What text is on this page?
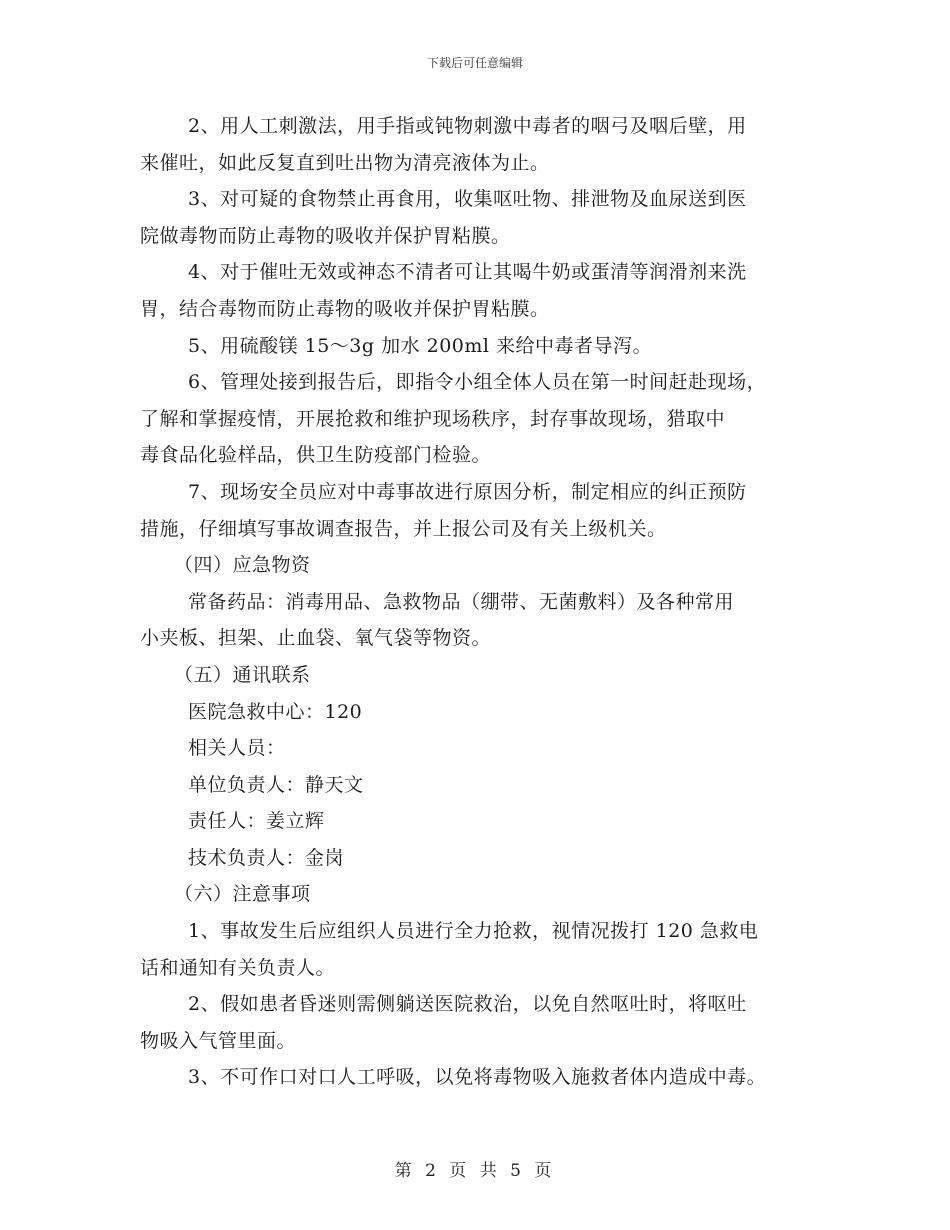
下载后可任意编辑

2、用人工刺激法，用手指或钝物刺激中毒者的咽弓及咽后壁，用

来催吐，如此反复直到吐出物为清亮液体为止。

3、对可疑的食物禁止再食用，收集呕吐物、排泄物及血尿送到医

院做毒物而防止毒物的吸收并保护胃粘膜。

4、对于催吐无效或神态不清者可让其喝牛奶或蛋清等润滑剂来洗

胃，结合毒物而防止毒物的吸收并保护胃粘膜。

5、用硫酸镁 15～3g 加水 200ml 来给中毒者导泻。

6、管理处接到报告后，即指令小组全体人员在第一时间赶赴现场，

了解和掌握疫情，开展抢救和维护现场秩序，封存事故现场，猎取中

毒食品化验样品，供卫生防疫部门检验。

7、现场安全员应对中毒事故进行原因分析，制定相应的纠正预防

措施，仔细填写事故调查报告，并上报公司及有关上级机关。

（四）应急物资

常备药品：消毒用品、急救物品（绷带、无菌敷料）及各种常用

小夹板、担架、止血袋、氧气袋等物资。

（五）通讯联系

医院急救中心：120

相关人员：

单位负责人：静天文

责任人：姜立辉

技术负责人：金岗

（六）注意事项

1、事故发生后应组织人员进行全力抢救，视情况拨打 120 急救电

话和通知有关负责人。

2、假如患者昏迷则需侧躺送医院救治，以免自然呕吐时，将呕吐

物吸入气管里面。

3、不可作口对口人工呼吸，以免将毒物吸入施救者体内造成中毒。

第 2 页 共 5 页
